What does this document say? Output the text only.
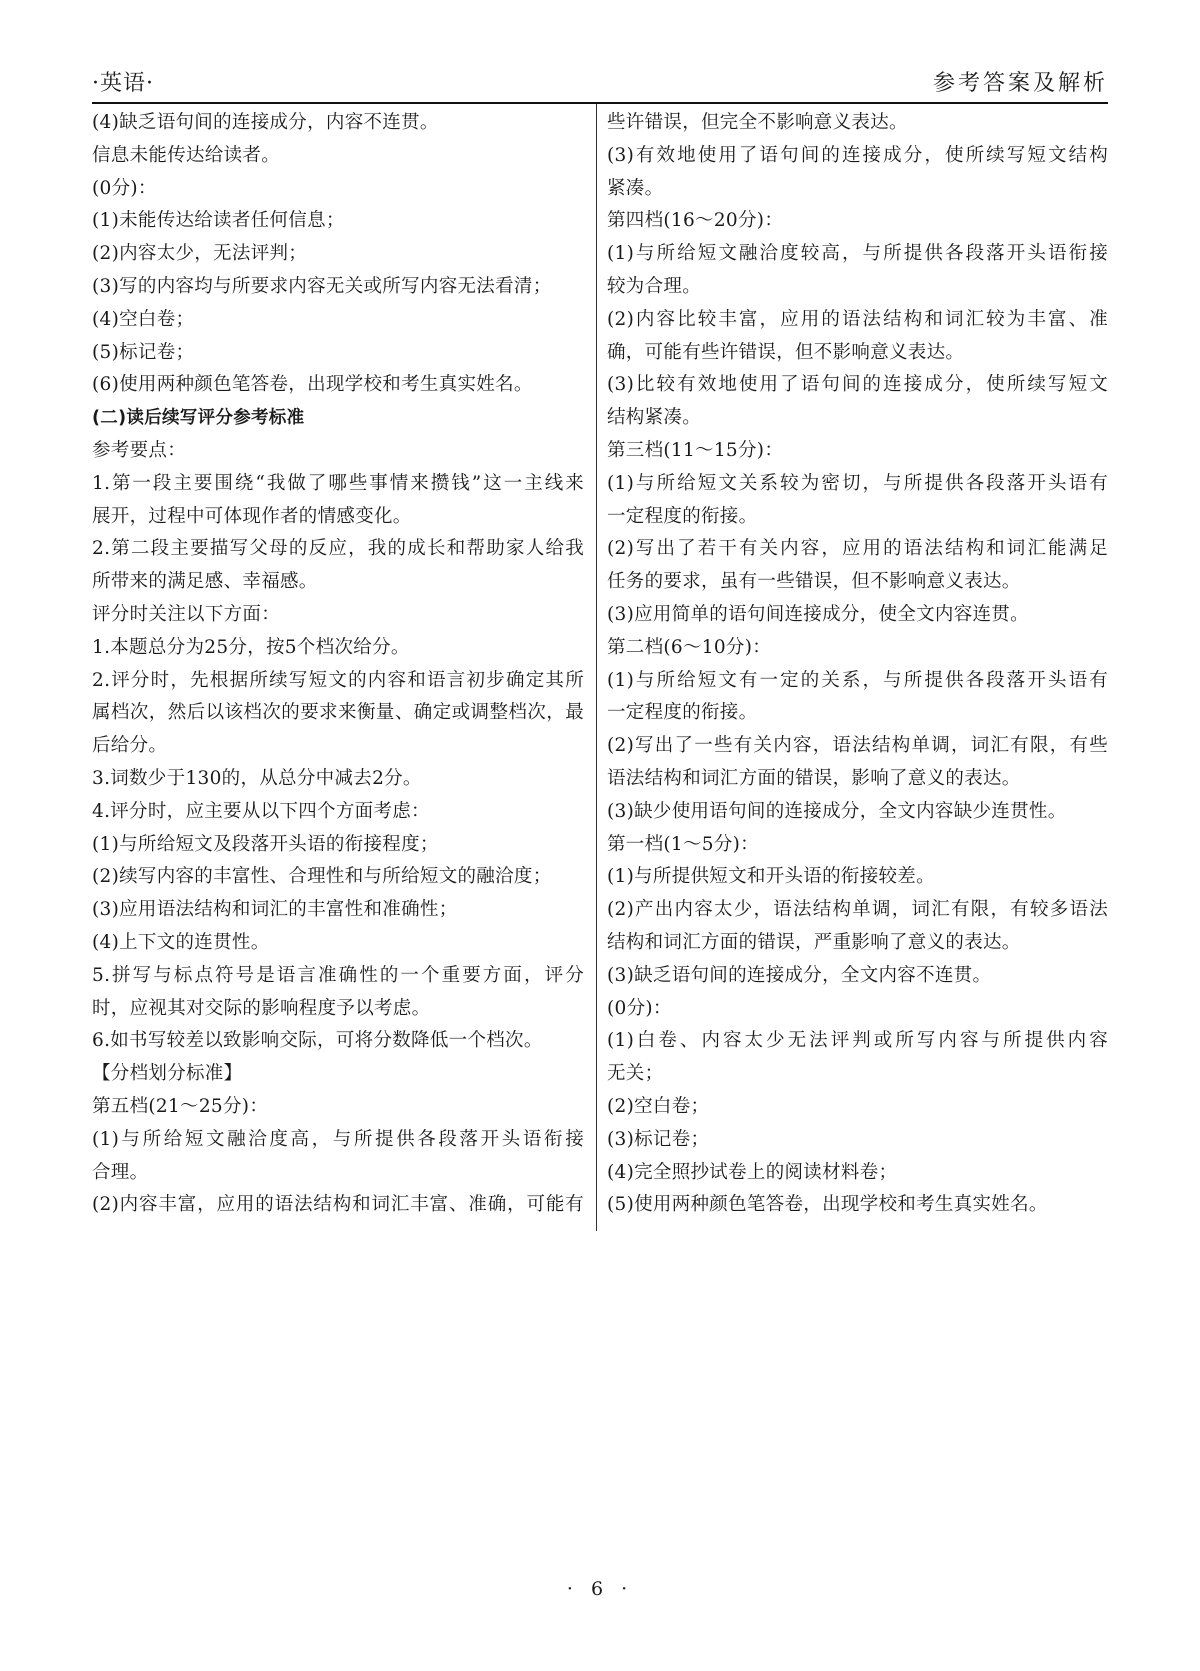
·英语·	参考答案及解析
(4)缺乏语句间的连接成分，内容不连贯。
信息未能传达给读者。
(0分)：
(1)未能传达给读者任何信息；
(2)内容太少，无法评判；
(3)写的内容均与所要求内容无关或所写内容无法看清；
(4)空白卷；
(5)标记卷；
(6)使用两种颜色笔答卷，出现学校和考生真实姓名。
(二)读后续写评分参考标准
参考要点：
1.第一段主要围绕“我做了哪些事情来攒钱”这一主线来
展开，过程中可体现作者的情感变化。
2.第二段主要描写父母的反应，我的成长和帮助家人给我
所带来的满足感、幸福感。
评分时关注以下方面：
1.本题总分为25分，按5个档次给分。
2.评分时，先根据所续写短文的内容和语言初步确定其所
属档次，然后以该档次的要求来衡量、确定或调整档次，最
后给分。
3.词数少于130的，从总分中减去2分。
4.评分时，应主要从以下四个方面考虑：
(1)与所给短文及段落开头语的衔接程度；
(2)续写内容的丰富性、合理性和与所给短文的融洽度；
(3)应用语法结构和词汇的丰富性和准确性；
(4)上下文的连贯性。
5.拼写与标点符号是语言准确性的一个重要方面，评分
时，应视其对交际的影响程度予以考虑。
6.如书写较差以致影响交际，可将分数降低一个档次。
【分档划分标准】
第五档(21～25分)：
(1)与所给短文融洽度高，与所提供各段落开头语衔接
合理。
(2)内容丰富，应用的语法结构和词汇丰富、准确，可能有
些许错误，但完全不影响意义表达。
(3)有效地使用了语句间的连接成分，使所续写短文结构
紧凑。
第四档(16～20分)：
(1)与所给短文融洽度较高，与所提供各段落开头语衔接
较为合理。
(2)内容比较丰富，应用的语法结构和词汇较为丰富、准
确，可能有些许错误，但不影响意义表达。
(3)比较有效地使用了语句间的连接成分，使所续写短文
结构紧凑。
第三档(11～15分)：
(1)与所给短文关系较为密切，与所提供各段落开头语有
一定程度的衔接。
(2)写出了若干有关内容，应用的语法结构和词汇能满足
任务的要求，虽有一些错误，但不影响意义表达。
(3)应用简单的语句间连接成分，使全文内容连贯。
第二档(6～10分)：
(1)与所给短文有一定的关系，与所提供各段落开头语有
一定程度的衔接。
(2)写出了一些有关内容，语法结构单调，词汇有限，有些
语法结构和词汇方面的错误，影响了意义的表达。
(3)缺少使用语句间的连接成分，全文内容缺少连贯性。
第一档(1～5分)：
(1)与所提供短文和开头语的衔接较差。
(2)产出内容太少，语法结构单调，词汇有限，有较多语法
结构和词汇方面的错误，严重影响了意义的表达。
(3)缺乏语句间的连接成分，全文内容不连贯。
(0分)：
(1)白卷、内容太少无法评判或所写内容与所提供内容
无关；
(2)空白卷；
(3)标记卷；
(4)完全照抄试卷上的阅读材料卷；
(5)使用两种颜色笔答卷，出现学校和考生真实姓名。
· 6 ·
